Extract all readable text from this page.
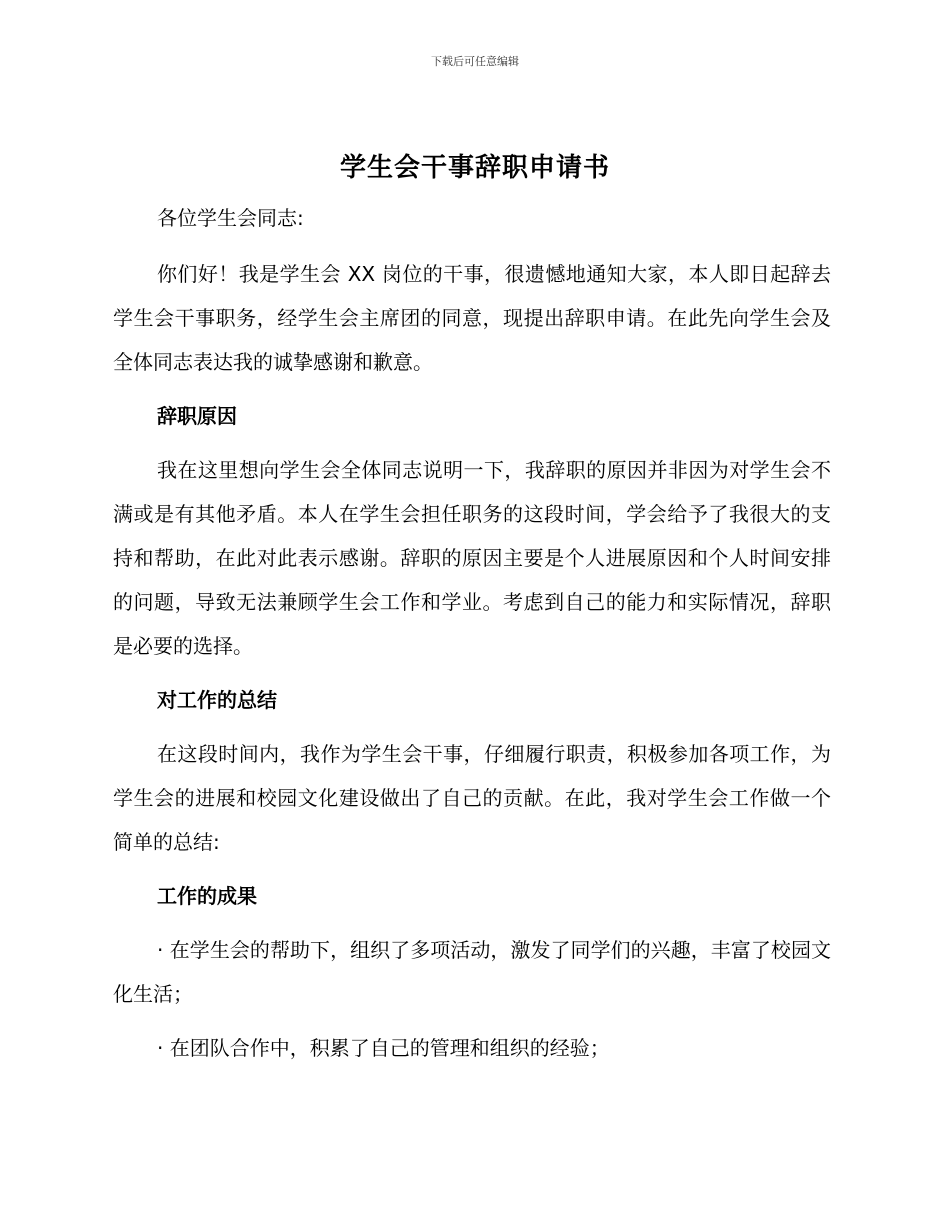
下载后可任意编辑
学生会干事辞职申请书

各位学生会同志:

你们好！我是学生会 XX 岗位的干事，很遗憾地通知大家，本人即日起辞去学生会干事职务，经学生会主席团的同意，现提出辞职申请。在此先向学生会及全体同志表达我的诚挚感谢和歉意。

辞职原因

我在这里想向学生会全体同志说明一下，我辞职的原因并非因为对学生会不满或是有其他矛盾。本人在学生会担任职务的这段时间，学会给予了我很大的支持和帮助，在此对此表示感谢。辞职的原因主要是个人进展原因和个人时间安排的问题，导致无法兼顾学生会工作和学业。考虑到自己的能力和实际情况，辞职是必要的选择。

对工作的总结

在这段时间内，我作为学生会干事，仔细履行职责，积极参加各项工作，为学生会的进展和校园文化建设做出了自己的贡献。在此，我对学生会工作做一个简单的总结:

工作的成果

· 在学生会的帮助下，组织了多项活动，激发了同学们的兴趣，丰富了校园文化生活；

· 在团队合作中，积累了自己的管理和组织的经验；
